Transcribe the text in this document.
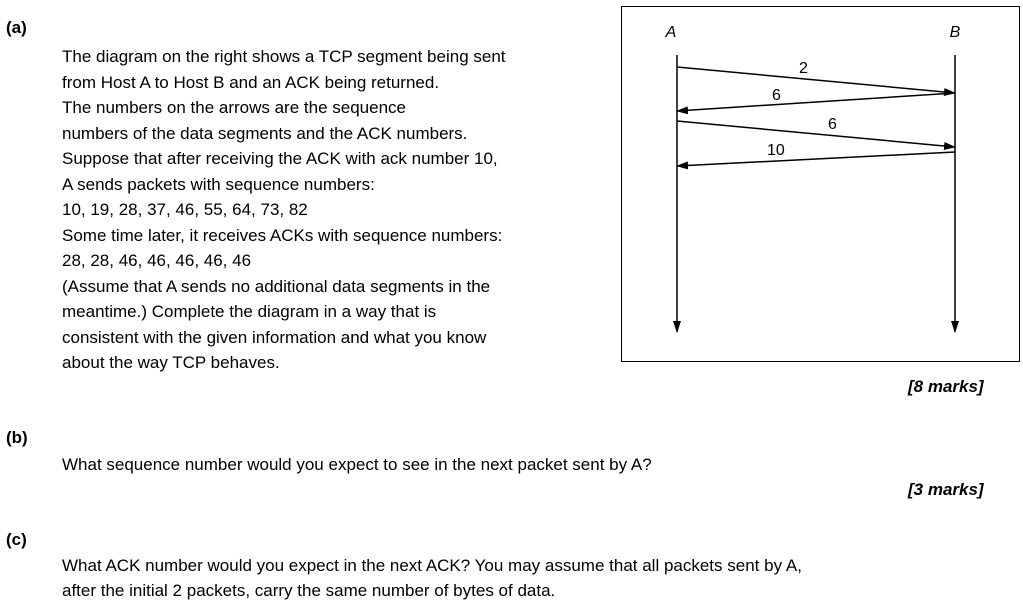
(a)
The diagram on the right shows a TCP segment being sent
from Host A to Host B and an ACK being returned.
The numbers on the arrows are the sequence
numbers of the data segments and the ACK numbers.
Suppose that after receiving the ACK with ack number 10,
A sends packets with sequence numbers:
10, 19, 28, 37, 46, 55, 64, 73, 82
Some time later, it receives ACKs with sequence numbers:
28, 28, 46, 46, 46, 46, 46
(Assume that A sends no additional data segments in the
meantime.) Complete the diagram in a way that is
consistent with the given information and what you know
about the way TCP behaves.
A	B
2
6
6
10
[8 marks]
(b)
What sequence number would you expect to see in the next packet sent by A?
[3 marks]
(c)
What ACK number would you expect in the next ACK? You may assume that all packets sent by A,
after the initial 2 packets, carry the same number of bytes of data.
